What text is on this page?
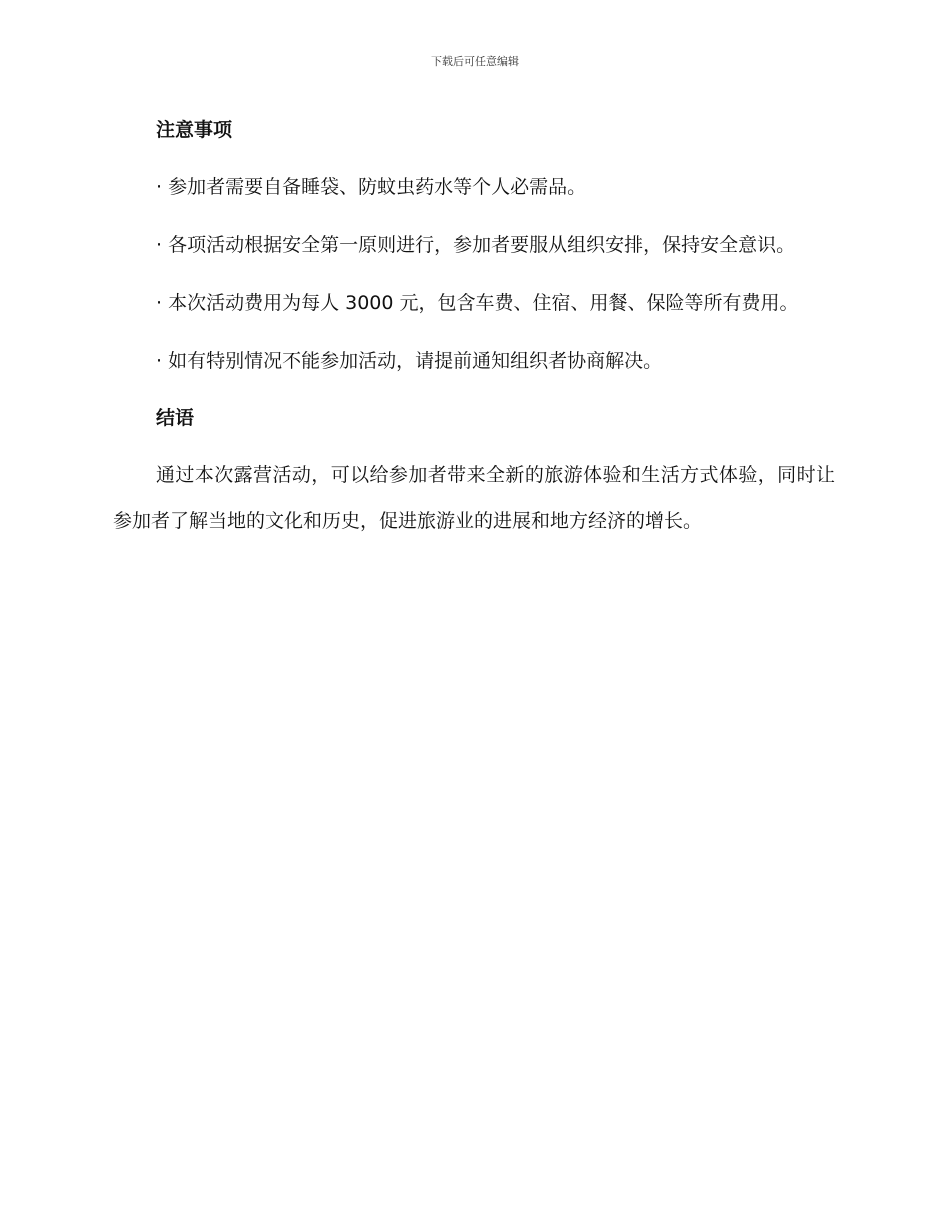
下载后可任意编辑
注意事项

· 参加者需要自备睡袋、防蚊虫药水等个人必需品。

· 各项活动根据安全第一原则进行，参加者要服从组织安排，保持安全意识。

· 本次活动费用为每人 3000 元，包含车费、住宿、用餐、保险等所有费用。

· 如有特别情况不能参加活动，请提前通知组织者协商解决。

结语

通过本次露营活动，可以给参加者带来全新的旅游体验和生活方式体验，同时让参加者了解当地的文化和历史，促进旅游业的进展和地方经济的增长。
